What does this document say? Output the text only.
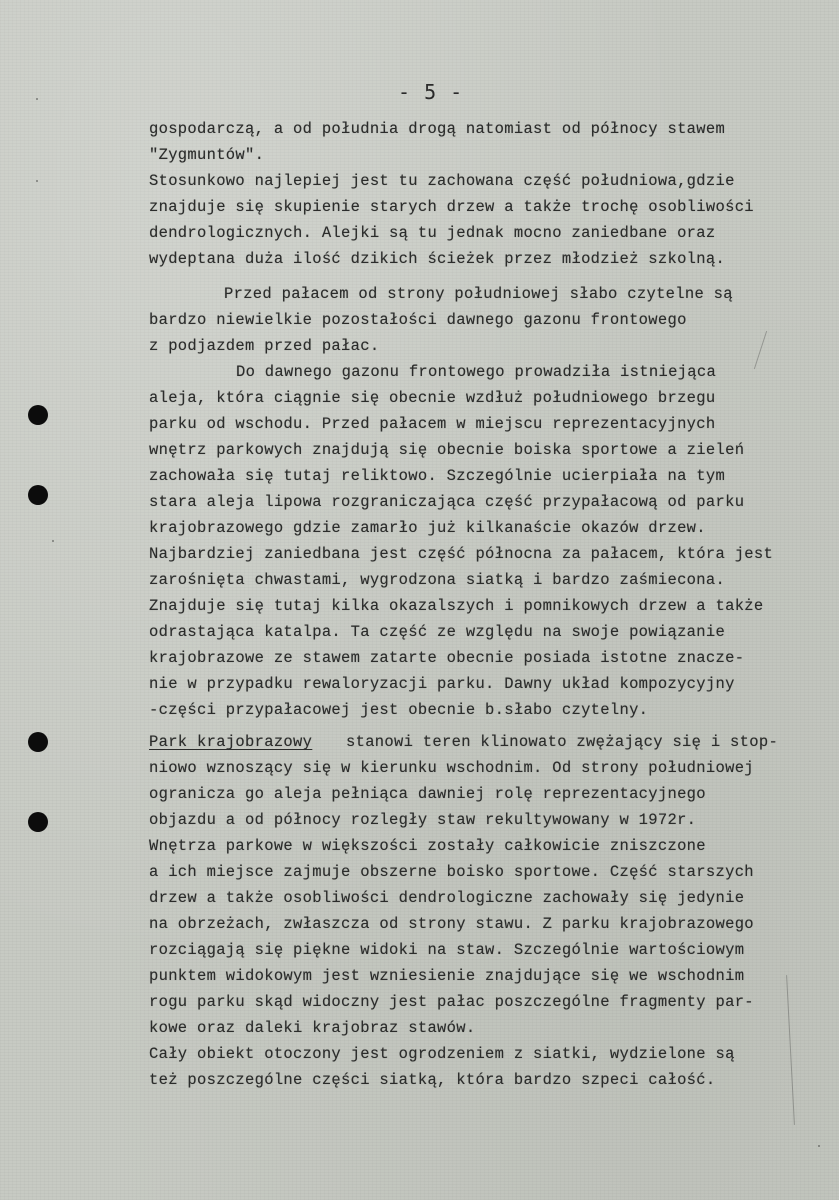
- 5 -
gospodarczą, a od południa drogą natomiast od północy stawem
"Zygmuntów".
Stosunkowo najlepiej jest tu zachowana część południowa,gdzie
znajduje się skupienie starych drzew a także trochę osobliwości
dendrologicznych. Alejki są tu jednak mocno zaniedbane oraz
wydeptana duża ilość dzikich ścieżek przez młodzież szkolną.
Przed pałacem od strony południowej słabo czytelne są
bardzo niewielkie pozostałości dawnego gazonu frontowego
z podjazdem przed pałac.
Do dawnego gazonu frontowego prowadziła istniejąca
aleja, która ciągnie się obecnie wzdłuż południowego brzegu
parku od wschodu. Przed pałacem w miejscu reprezentacyjnych
wnętrz parkowych znajdują się obecnie boiska sportowe a zieleń
zachowała się tutaj reliktowo. Szczególnie ucierpiała na tym
stara aleja lipowa rozgraniczająca część przypałacową od parku
krajobrazowego gdzie zamarło już kilkanaście okazów drzew.
Najbardziej zaniedbana jest część północna za pałacem, która jest
zarośnięta chwastami, wygrodzona siatką i bardzo zaśmiecona.
Znajduje się tutaj kilka okazalszych i pomnikowych drzew a także
odrastająca katalpa. Ta część ze względu na swoje powiązanie
krajobrazowe ze stawem zatarte obecnie posiada istotne znacze-
nie w przypadku rewaloryzacji parku. Dawny układ kompozycyjny
-części przypałacowej jest obecnie b.słabo czytelny.
Park krajobrazowy stanowi teren klinowato zwężający się i stop-
niowo wznoszący się w kierunku wschodnim. Od strony południowej
ogranicza go aleja pełniąca dawniej rolę reprezentacyjnego
objazdu a od północy rozległy staw rekultywowany w 1972r.
Wnętrza parkowe w większości zostały całkowicie zniszczone
a ich miejsce zajmuje obszerne boisko sportowe. Część starszych
drzew a także osobliwości dendrologiczne zachowały się jedynie
na obrzeżach, zwłaszcza od strony stawu. Z parku krajobrazowego
rozciągają się piękne widoki na staw. Szczególnie wartościowym
punktem widokowym jest wzniesienie znajdujące się we wschodnim
rogu parku skąd widoczny jest pałac poszczególne fragmenty par-
kowe oraz daleki krajobraz stawów.
Cały obiekt otoczony jest ogrodzeniem z siatki, wydzielone są
też poszczególne części siatką, która bardzo szpeci całość.
